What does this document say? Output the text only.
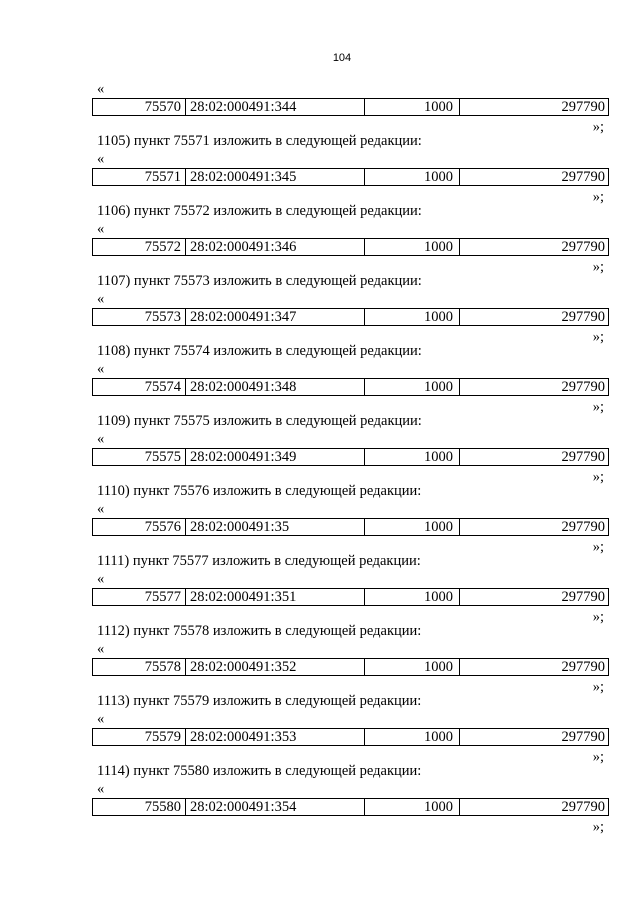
104
«
75570 28:02:000491:344	1000	297790
»;
1105) пункт 75571 изложить в следующей редакции:
«
75571 28:02:000491:345	1000	297790
»;
1106) пункт 75572 изложить в следующей редакции:
«
75572 28:02:000491:346	1000	297790
»;
1107) пункт 75573 изложить в следующей редакции:
«
75573 28:02:000491:347	1000	297790
»;
1108) пункт 75574 изложить в следующей редакции:
«
75574 28:02:000491:348	1000	297790
»;
1109) пункт 75575 изложить в следующей редакции:
«
75575 28:02:000491:349	1000	297790
»;
1110) пункт 75576 изложить в следующей редакции:
«
75576 28:02:000491:35	1000	297790
»;
1111) пункт 75577 изложить в следующей редакции:
«
75577 28:02:000491:351	1000	297790
»;
1112) пункт 75578 изложить в следующей редакции:
«
75578 28:02:000491:352	1000	297790
»;
1113) пункт 75579 изложить в следующей редакции:
«
75579 28:02:000491:353	1000	297790
»;
1114) пункт 75580 изложить в следующей редакции:
«
75580 28:02:000491:354	1000	297790
»;
